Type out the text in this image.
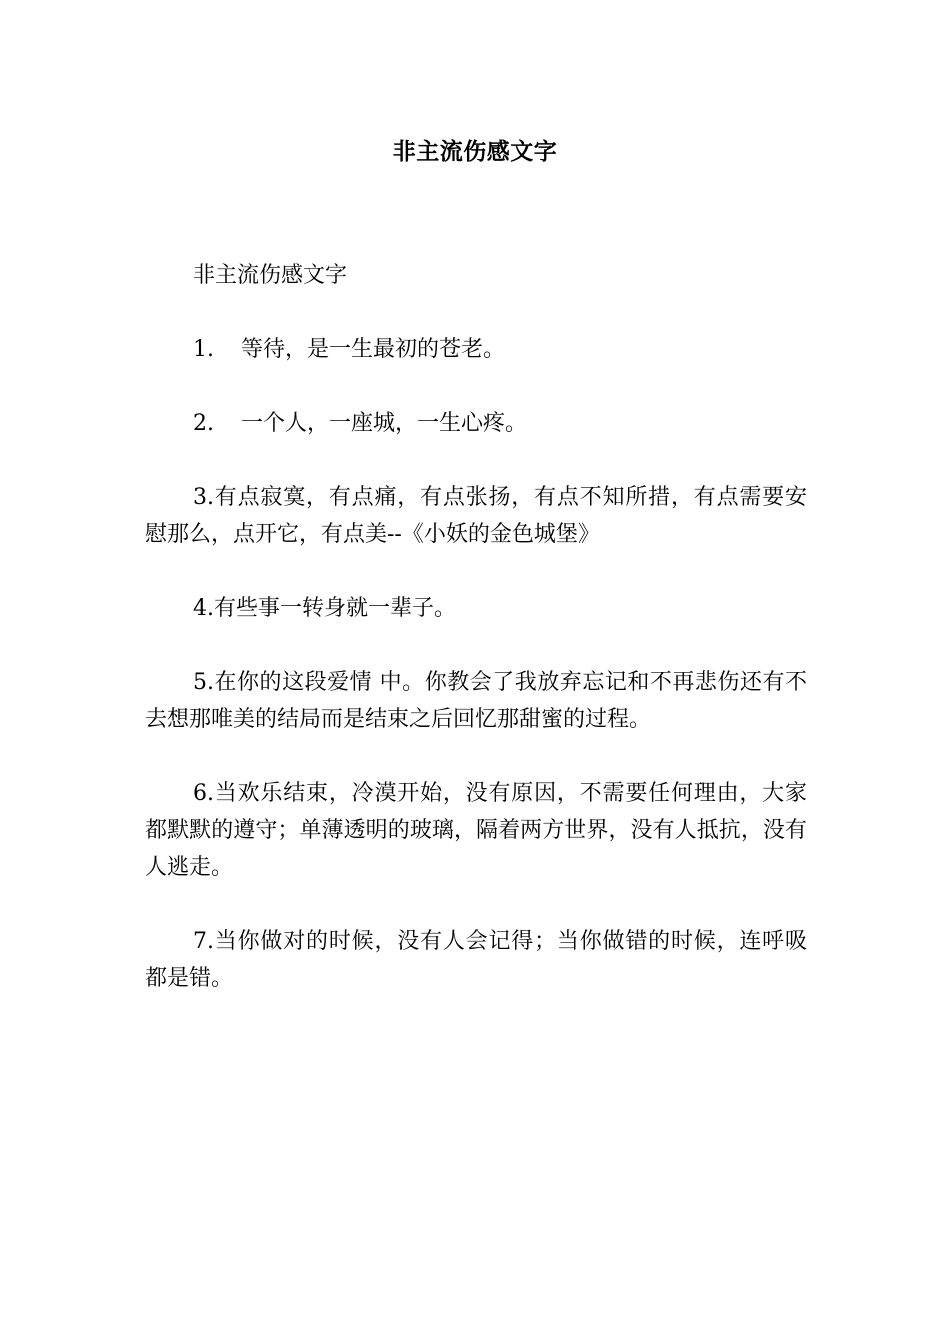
非主流伤感文字

非主流伤感文字

1. 等待，是一生最初的苍老。

2. 一个人，一座城，一生心疼。

3.有点寂寞，有点痛，有点张扬，有点不知所措，有点需要安慰那么，点开它，有点美--《小妖的金色城堡》

4.有些事一转身就一辈子。

5.在你的这段爱情 中。你教会了我放弃忘记和不再悲伤还有不去想那唯美的结局而是结束之后回忆那甜蜜的过程。

6.当欢乐结束，冷漠开始，没有原因，不需要任何理由，大家都默默的遵守；单薄透明的玻璃，隔着两方世界，没有人抵抗，没有人逃走。

7.当你做对的时候，没有人会记得；当你做错的时候，连呼吸都是错。
